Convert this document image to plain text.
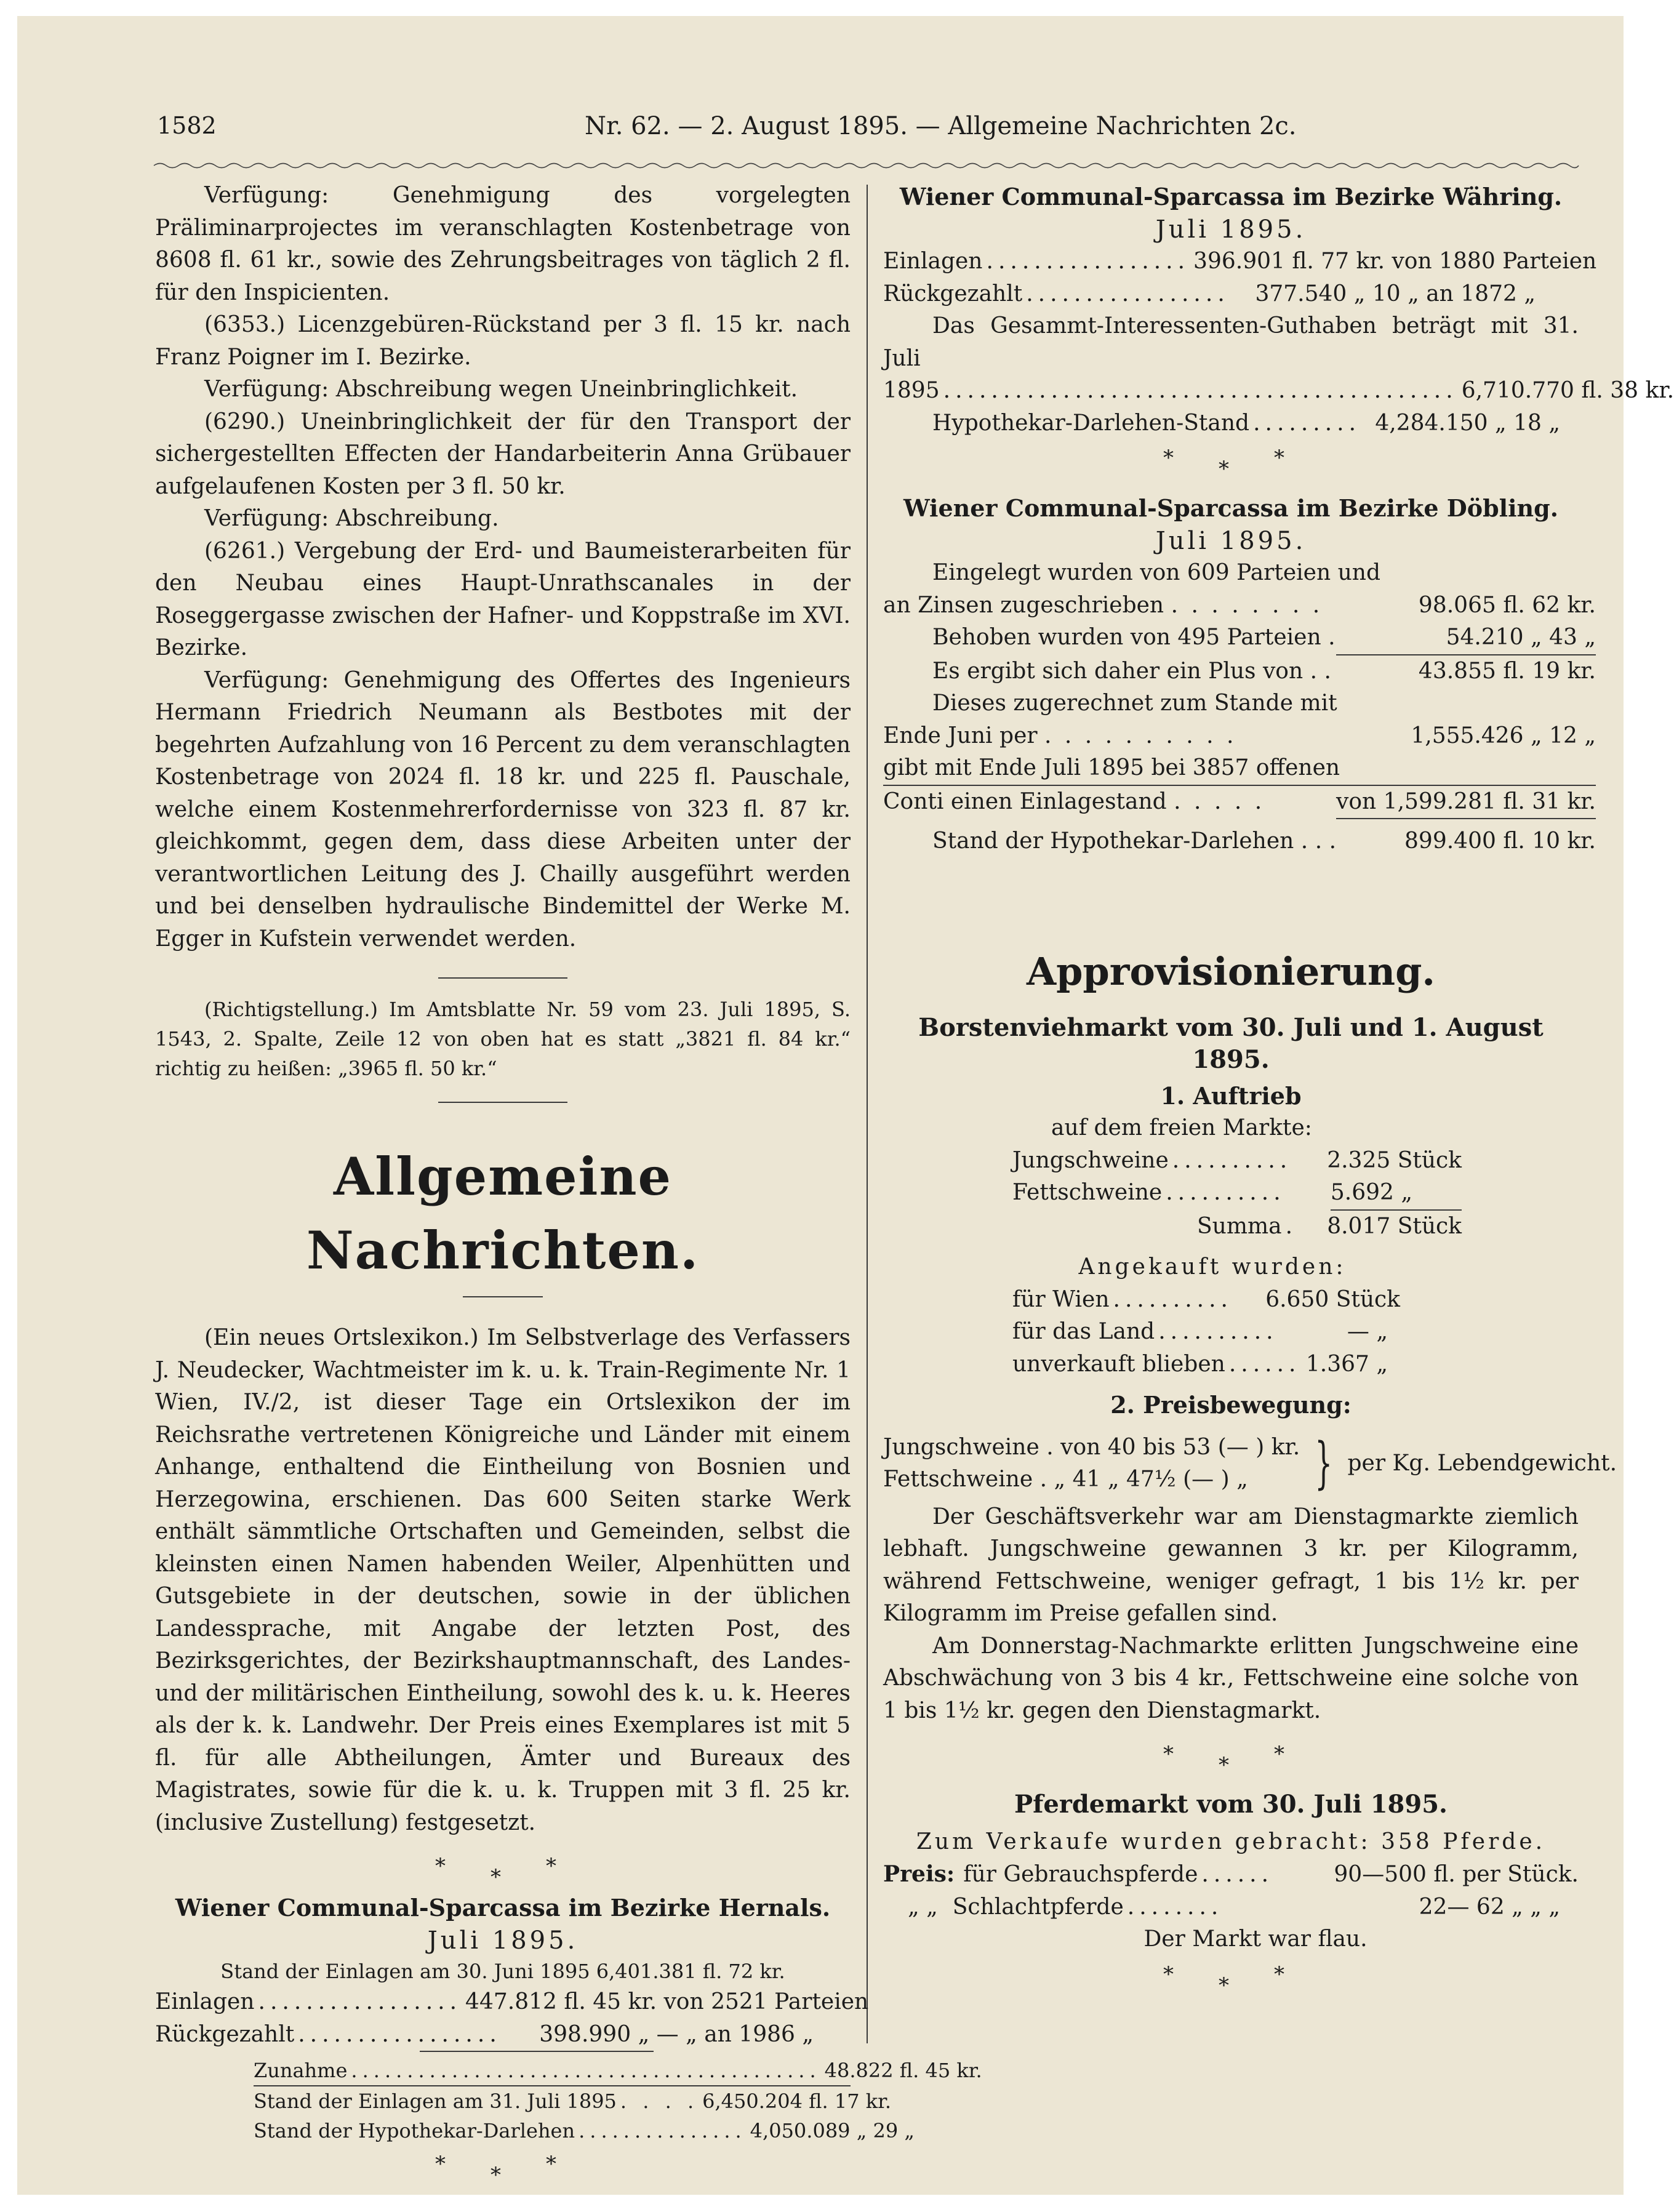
1582	Nr. 62. — 2. August 1895. — Allgemeine Nachrichten 2c.

Verfügung: Genehmigung des vorgelegten Präliminarprojectes im veranschlagten Kostenbetrage von 8608 fl. 61 kr., sowie des Zehrungsbeitrages von täglich 2 fl. für den Inspicienten.

(6353.) Licenzgebüren-Rückstand per 3 fl. 15 kr. nach Franz Poigner im I. Bezirke.

Verfügung: Abschreibung wegen Uneinbringlichkeit.

(6290.) Uneinbringlichkeit der für den Transport der sichergestellten Effecten der Handarbeiterin Anna Grübauer aufgelaufenen Kosten per 3 fl. 50 kr.

Verfügung: Abschreibung.

(6261.) Vergebung der Erd- und Baumeisterarbeiten für den Neubau eines Haupt-Unrathscanales in der Roseggergasse zwischen der Hafner- und Koppstraße im XVI. Bezirke.

Verfügung: Genehmigung des Offertes des Ingenieurs Hermann Friedrich Neumann als Bestbotes mit der begehrten Aufzahlung von 16 Percent zu dem veranschlagten Kostenbetrage von 2024 fl. 18 kr. und 225 fl. Pauschale, welche einem Kostenmehrerfordernisse von 323 fl. 87 kr. gleichkommt, gegen dem, dass diese Arbeiten unter der verantwortlichen Leitung des J. Chailly ausgeführt werden und bei denselben hydraulische Bindemittel der Werke M. Egger in Kufstein verwendet werden.

(Richtigstellung.) Im Amtsblatte Nr. 59 vom 23. Juli 1895, S. 1543, 2. Spalte, Zeile 12 von oben hat es statt „3821 fl. 84 kr.“ richtig zu heißen: „3965 fl. 50 kr.“

Allgemeine Nachrichten.

(Ein neues Ortslexikon.) Im Selbstverlage des Verfassers J. Neudecker, Wachtmeister im k. u. k. Train-Regimente Nr. 1 Wien, IV./2, ist dieser Tage ein Ortslexikon der im Reichsrathe vertretenen Königreiche und Länder mit einem Anhange, enthaltend die Eintheilung von Bosnien und Herzegowina, erschienen. Das 600 Seiten starke Werk enthält sämmtliche Ortschaften und Gemeinden, selbst die kleinsten einen Namen habenden Weiler, Alpenhütten und Gutsgebiete in der deutschen, sowie in der üblichen Landessprache, mit Angabe der letzten Post, des Bezirksgerichtes, der Bezirkshauptmannschaft, des Landes- und der militärischen Eintheilung, sowohl des k. u. k. Heeres als der k. k. Landwehr. Der Preis eines Exemplares ist mit 5 fl. für alle Abtheilungen, Ämter und Bureaux des Magistrates, sowie für die k. u. k. Truppen mit 3 fl. 25 kr. (inclusive Zustellung) festgesetzt.

* * *

Wiener Communal-Sparcassa im Bezirke Hernals.

Juli 1895.

Stand der Einlagen am 30. Juni 1895 6,401.381 fl. 72 kr.

Einlagen ................. 447.812 fl. 45 kr. von 2521 Parteien
Rückgezahlt .................	398.990 „ — „ an 1986 „
Zunahme .......................................... 48.822 fl. 45 kr.
Stand der Einlagen am 31. Juli 1895 . . . . 6,450.204 fl. 17 kr.
Stand der Hypothekar-Darlehen ............... 4,050.089 „ 29 „
* * *

Wiener Communal-Sparcassa im Bezirke Währing.

Juli 1895.

Einlagen ................. 396.901 fl. 77 kr. von 1880 Parteien
Rückgezahlt .................	377.540 „ 10 „ an 1872 „

Das Gesammt-Interessenten-Guthaben beträgt mit 31. Juli

1895 ........................................... 6,710.770 fl. 38 kr.
Hypothekar-Darlehen-Stand ......... 4,284.150 „ 18 „
* * *

Wiener Communal-Sparcassa im Bezirke Döbling.

Juli 1895.

Eingelegt wurden von 609 Parteien und	
an Zinsen zugeschrieben . . . . . . . .	98.065 fl. 62 kr.
Behoben wurden von 495 Parteien .	54.210 „ 43 „
Es ergibt sich daher ein Plus von . .	43.855 fl. 19 kr.
Dieses zugerechnet zum Stande mit	
Ende Juni per . . . . . . . . . .	1,555.426 „ 12 „
gibt mit Ende Juli 1895 bei 3857 offenen	
Conti einen Einlagestand . . . . .	von 1,599.281 fl. 31 kr.
Stand der Hypothekar-Darlehen . . .	899.400 fl. 10 kr.
Approvisionierung.

Borstenviehmarkt vom 30. Juli und 1. August 1895.

1. Auftrieb

auf dem freien Markte:

Jungschweine ..........	2.325 Stück
Fettschweine ..........	5.692 „
Summa .	8.017 Stück

Angekauft wurden:

für Wien ..........	6.650 Stück
für das Land ..........	— „
unverkauft blieben ...... 1.367 „

2. Preisbewegung:

Jungschweine . von 40 bis 53 (— ) kr.
Fettschweine . „ 41 „ 47½ (— ) „	} per Kg. Lebendgewicht.

Der Geschäftsverkehr war am Dienstagmarkte ziemlich lebhaft. Jungschweine gewannen 3 kr. per Kilogramm, während Fettschweine, weniger gefragt, 1 bis 1½ kr. per Kilogramm im Preise gefallen sind.

Am Donnerstag-Nachmarkte erlitten Jungschweine eine Abschwächung von 3 bis 4 kr., Fettschweine eine solche von 1 bis 1½ kr. gegen den Dienstagmarkt.

* * *

Pferdemarkt vom 30. Juli 1895.

Zum Verkaufe wurden gebracht: 358 Pferde.

Preis: für Gebrauchspferde ......	90—500 fl. per Stück.
„ „ Schlachtpferde ........	22— 62 „ „ „

Der Markt war flau.

* * *
